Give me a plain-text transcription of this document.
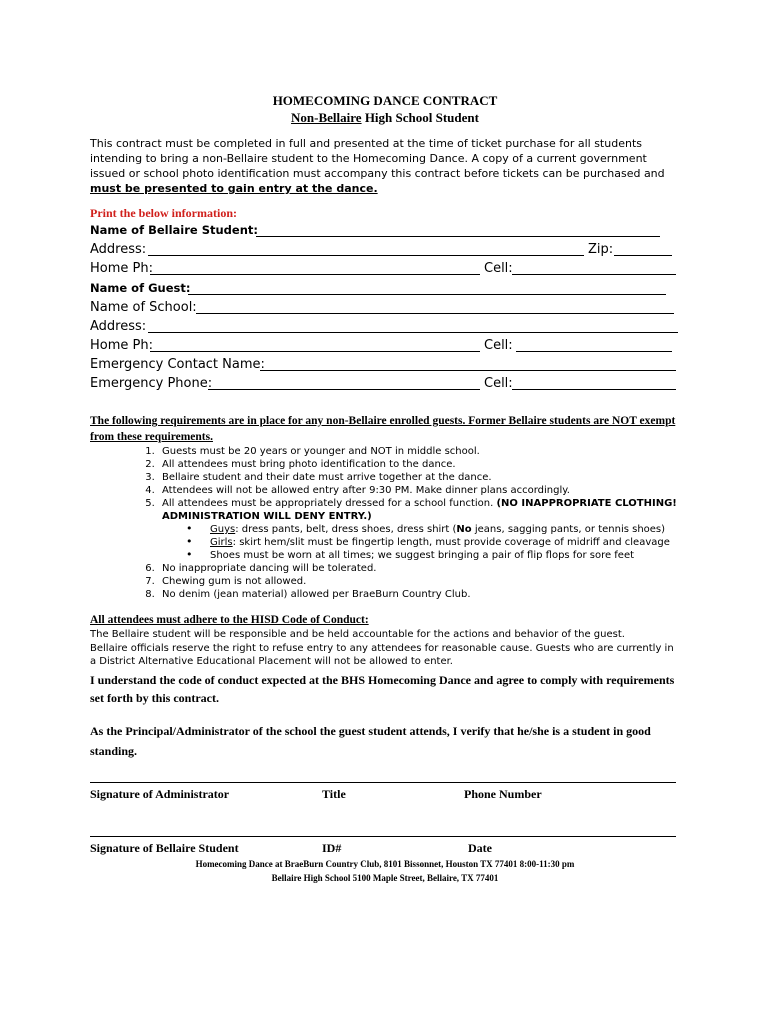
HOMECOMING DANCE CONTRACT
Non-Bellaire High School Student
This contract must be completed in full and presented at the time of ticket purchase for all students intending to bring a non-Bellaire student to the Homecoming Dance. A copy of a current government issued or school photo identification must accompany this contract before tickets can be purchased and must be presented to gain entry at the dance.
Print the below information:
Name of Bellaire Student:
Address:	Zip:
Home Ph:	Cell:
Name of Guest:
Name of School:
Address:
Home Ph:	Cell:
Emergency Contact Name:
Emergency Phone:	Cell:
The following requirements are in place for any non-Bellaire enrolled guests. Former Bellaire students are NOT exempt from these requirements.
1. Guests must be 20 years or younger and NOT in middle school.
2. All attendees must bring photo identification to the dance.
3. Bellaire student and their date must arrive together at the dance.
4. Attendees will not be allowed entry after 9:30 PM. Make dinner plans accordingly.
5. All attendees must be appropriately dressed for a school function. (NO INAPPROPRIATE CLOTHING! ADMINISTRATION WILL DENY ENTRY.)
• Guys: dress pants, belt, dress shoes, dress shirt (No jeans, sagging pants, or tennis shoes)
• Girls: skirt hem/slit must be fingertip length, must provide coverage of midriff and cleavage
• Shoes must be worn at all times; we suggest bringing a pair of flip flops for sore feet
6. No inappropriate dancing will be tolerated.
7. Chewing gum is not allowed.
8. No denim (jean material) allowed per BraeBurn Country Club.
All attendees must adhere to the HISD Code of Conduct:
The Bellaire student will be responsible and be held accountable for the actions and behavior of the guest.
Bellaire officials reserve the right to refuse entry to any attendees for reasonable cause. Guests who are currently in a District Alternative Educational Placement will not be allowed to enter.
I understand the code of conduct expected at the BHS Homecoming Dance and agree to comply with requirements set forth by this contract.
As the Principal/Administrator of the school the guest student attends, I verify that he/she is a student in good standing.
Signature of Administrator	Title	Phone Number
Signature of Bellaire Student	ID#	Date
Homecoming Dance at BraeBurn Country Club, 8101 Bissonnet, Houston TX 77401 8:00-11:30 pm
Bellaire High School 5100 Maple Street, Bellaire, TX 77401
